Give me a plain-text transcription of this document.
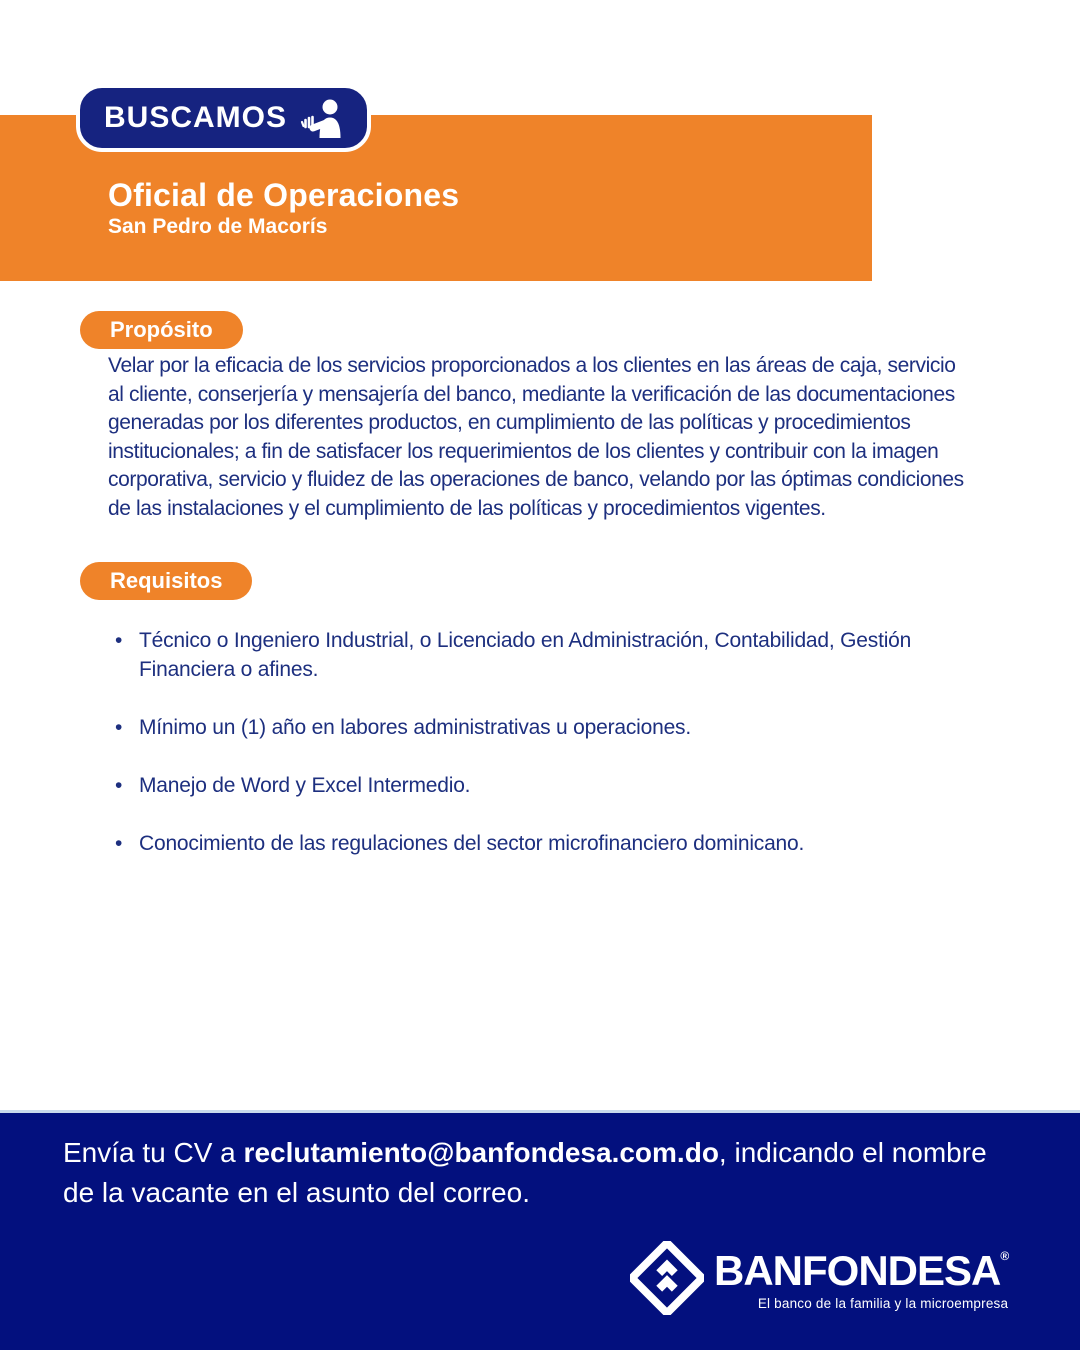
Oficial de Operaciones
San Pedro de Macorís
BUSCAMOS
Propósito

Velar por la eficacia de los servicios proporcionados a los clientes en las áreas de caja, servicio al cliente, conserjería y mensajería del banco, mediante la verificación de las documentaciones generadas por los diferentes productos, en cumplimiento de las políticas y procedimientos institucionales; a fin de satisfacer los requerimientos de los clientes y contribuir con la imagen corporativa, servicio y fluidez de las operaciones de banco, velando por las óptimas condiciones de las instalaciones y el cumplimiento de las políticas y procedimientos vigentes.

Requisitos
• Técnico o Ingeniero Industrial, o Licenciado en Administración, Contabilidad, Gestión Financiera o afines.
• Mínimo un (1) año en labores administrativas u operaciones.
• Manejo de Word y Excel Intermedio.
• Conocimiento de las regulaciones del sector microfinanciero dominicano.

Envía tu CV a reclutamiento@banfondesa.com.do, indicando el nombre de la vacante en el asunto del correo.

BANFONDESA®
El banco de la familia y la microempresa
